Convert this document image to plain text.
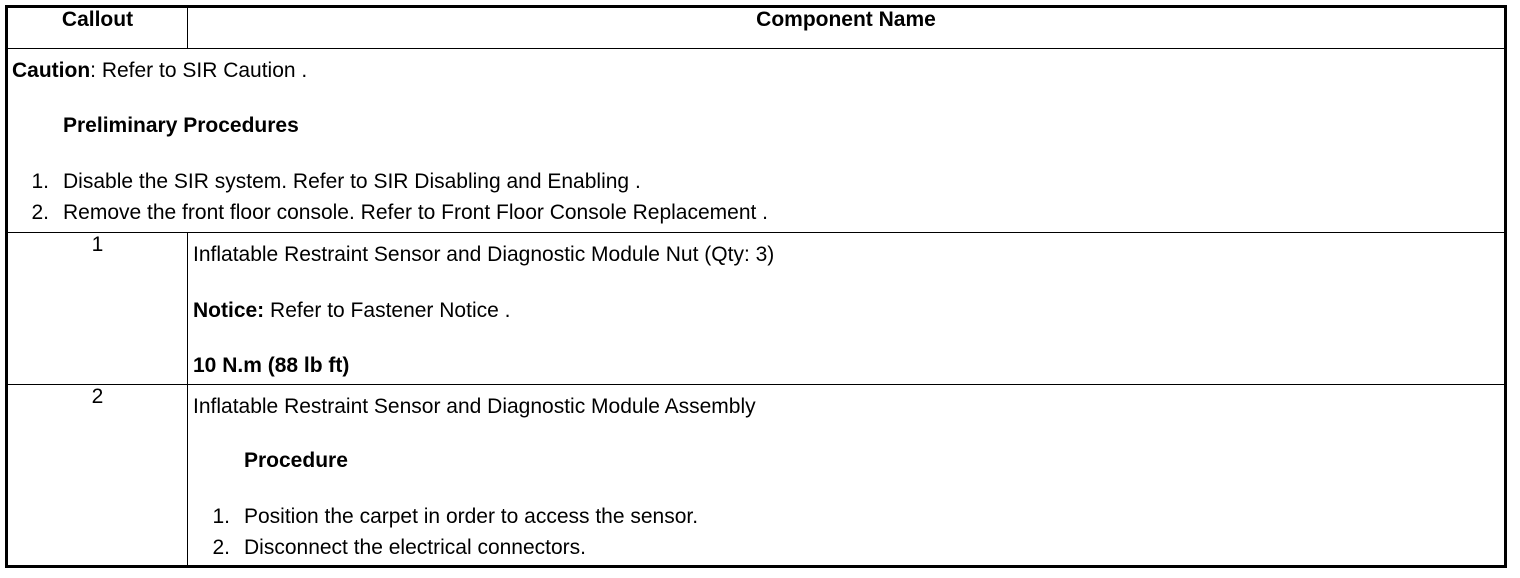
Callout	Component Name

Caution: Refer to SIR Caution .
Preliminary Procedures
1. Disable the SIR system. Refer to SIR Disabling and Enabling .
2. Remove the front floor console. Refer to Front Floor Console Replacement .	

1	Inflatable Restraint Sensor and Diagnostic Module Nut (Qty: 3)
Notice: Refer to Fastener Notice .
10 N.m (88 lb ft)

2	Inflatable Restraint Sensor and Diagnostic Module Assembly
Procedure
1. Position the carpet in order to access the sensor.
2. Disconnect the electrical connectors.
